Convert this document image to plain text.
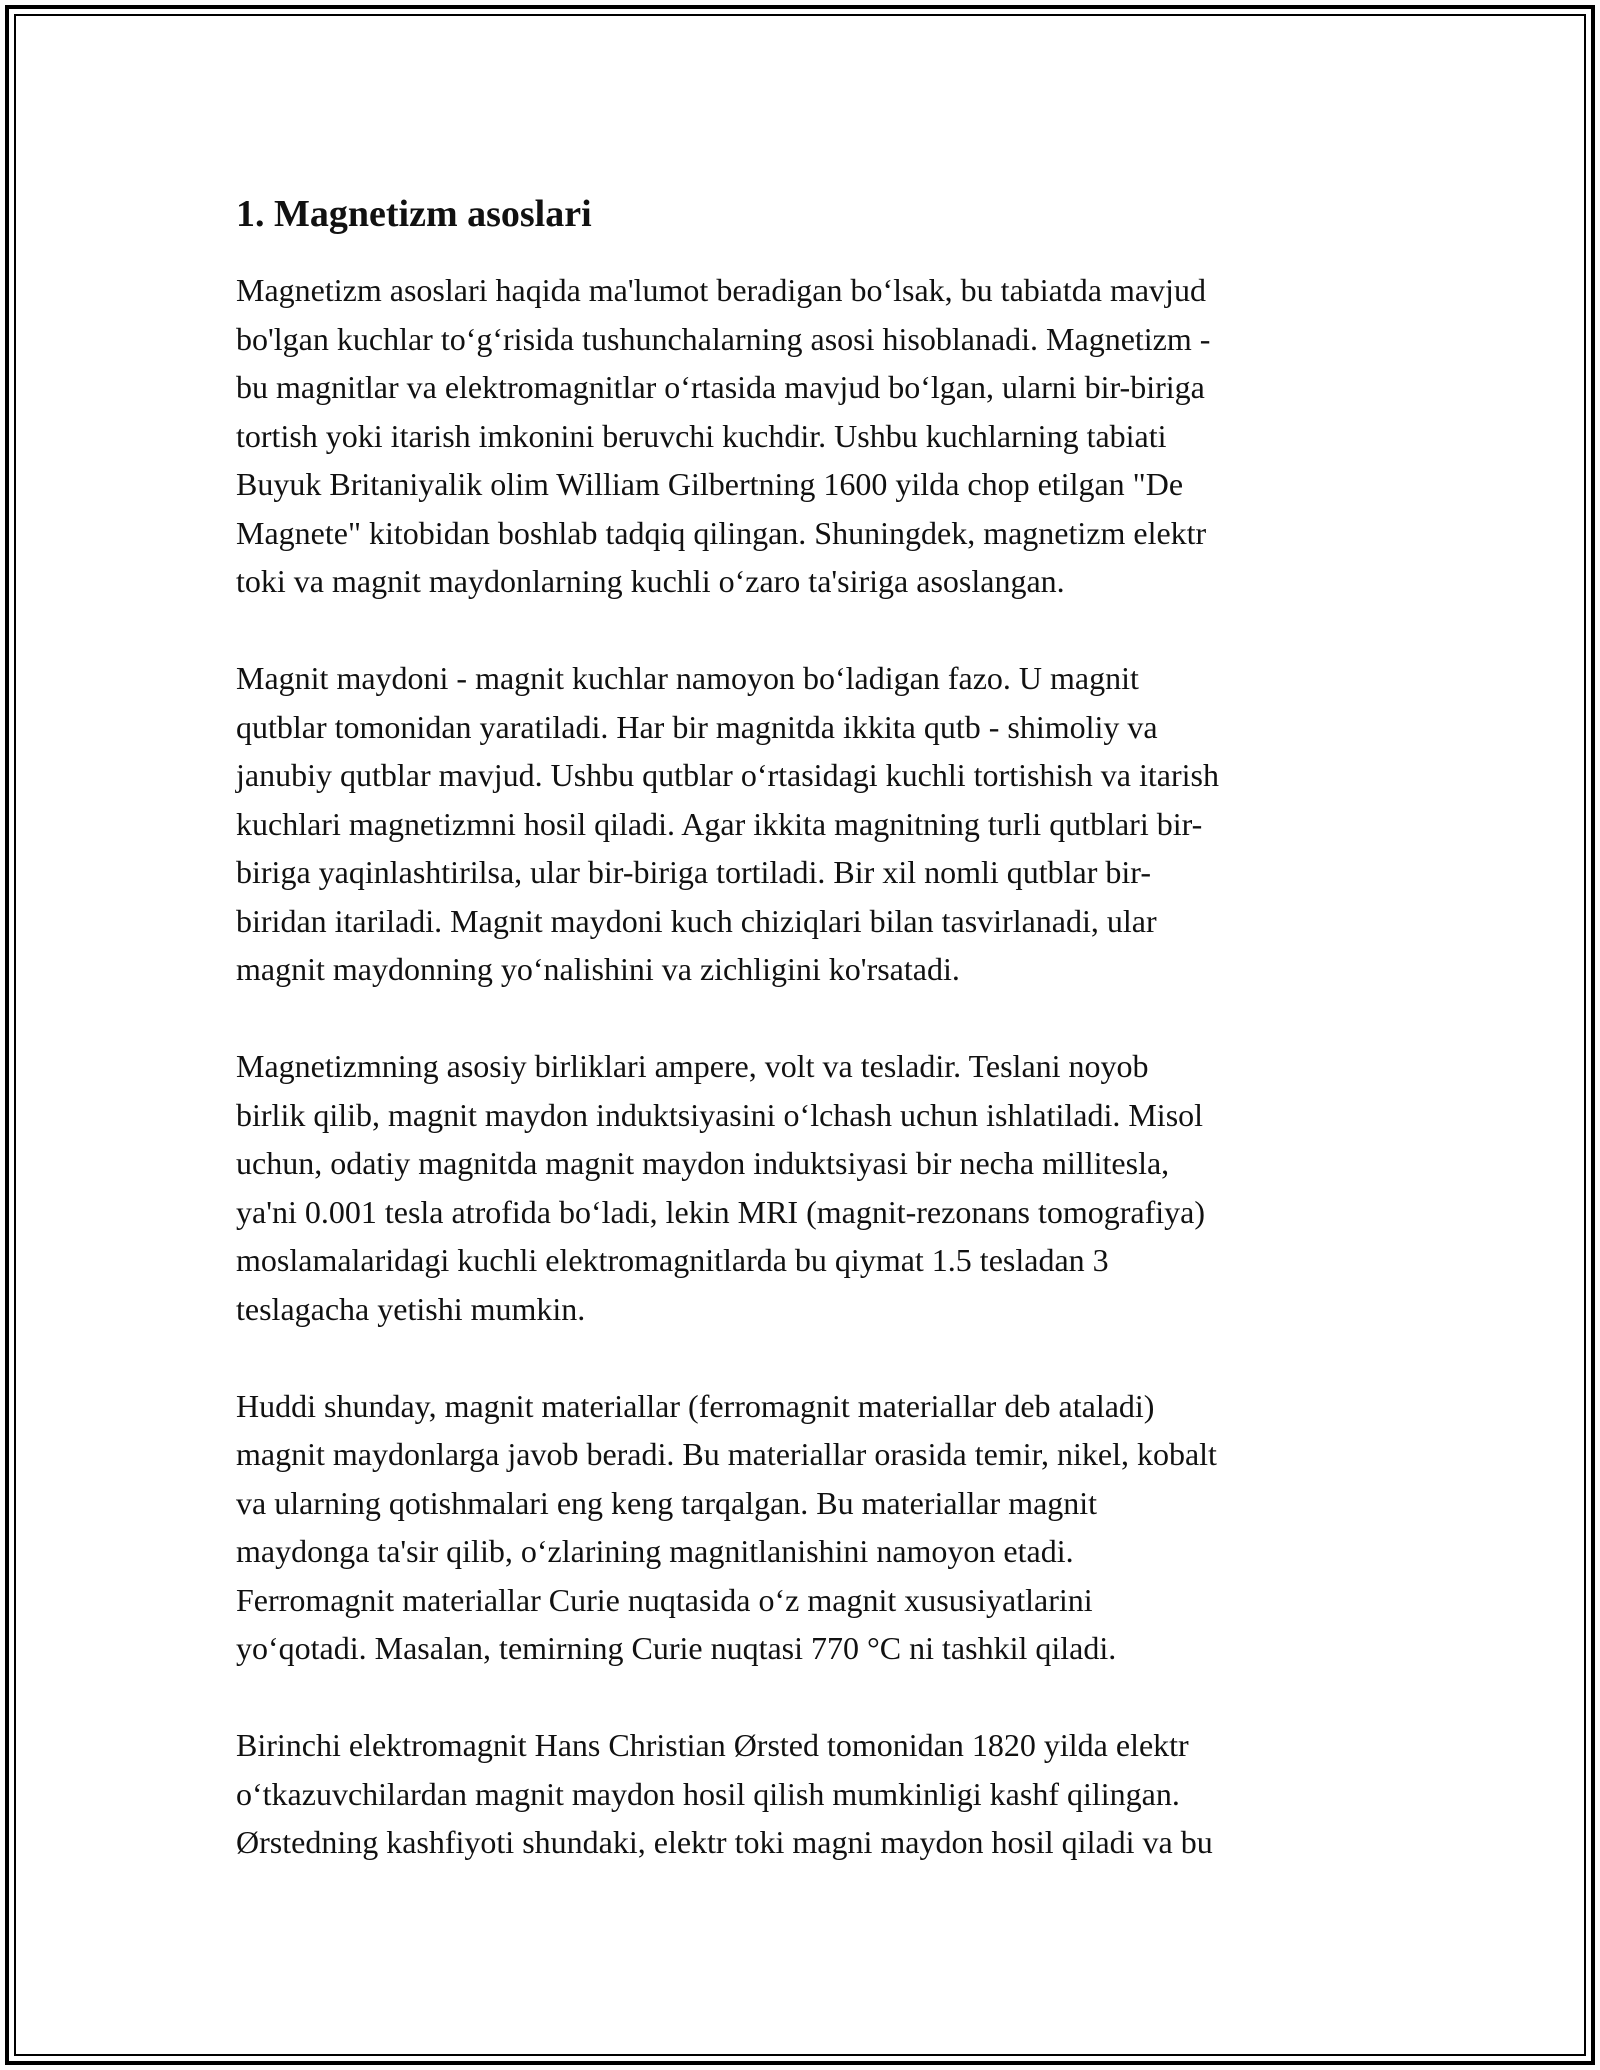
1. Magnetizm asoslari
Magnetizm asoslari haqida ma'lumot beradigan bo‘lsak, bu tabiatda mavjud
bo'lgan kuchlar to‘g‘risida tushunchalarning asosi hisoblanadi. Magnetizm -
bu magnitlar va elektromagnitlar o‘rtasida mavjud bo‘lgan, ularni bir-biriga
tortish yoki itarish imkonini beruvchi kuchdir. Ushbu kuchlarning tabiati
Buyuk Britaniyalik olim William Gilbertning 1600 yilda chop etilgan "De
Magnete" kitobidan boshlab tadqiq qilingan. Shuningdek, magnetizm elektr
toki va magnit maydonlarning kuchli o‘zaro ta'siriga asoslangan.
Magnit maydoni - magnit kuchlar namoyon bo‘ladigan fazo. U magnit
qutblar tomonidan yaratiladi. Har bir magnitda ikkita qutb - shimoliy va
janubiy qutblar mavjud. Ushbu qutblar o‘rtasidagi kuchli tortishish va itarish
kuchlari magnetizmni hosil qiladi. Agar ikkita magnitning turli qutblari bir-
biriga yaqinlashtirilsa, ular bir-biriga tortiladi. Bir xil nomli qutblar bir-
biridan itariladi. Magnit maydoni kuch chiziqlari bilan tasvirlanadi, ular
magnit maydonning yo‘nalishini va zichligini ko'rsatadi.
Magnetizmning asosiy birliklari ampere, volt va tesladir. Teslani noyob
birlik qilib, magnit maydon induktsiyasini o‘lchash uchun ishlatiladi. Misol
uchun, odatiy magnitda magnit maydon induktsiyasi bir necha millitesla,
ya'ni 0.001 tesla atrofida bo‘ladi, lekin MRI (magnit-rezonans tomografiya)
moslamalaridagi kuchli elektromagnitlarda bu qiymat 1.5 tesladan 3
teslagacha yetishi mumkin.
Huddi shunday, magnit materiallar (ferromagnit materiallar deb ataladi)
magnit maydonlarga javob beradi. Bu materiallar orasida temir, nikel, kobalt
va ularning qotishmalari eng keng tarqalgan. Bu materiallar magnit
maydonga ta'sir qilib, o‘zlarining magnitlanishini namoyon etadi.
Ferromagnit materiallar Curie nuqtasida o‘z magnit xususiyatlarini
yo‘qotadi. Masalan, temirning Curie nuqtasi 770 °C ni tashkil qiladi.
Birinchi elektromagnit Hans Christian Ørsted tomonidan 1820 yilda elektr
o‘tkazuvchilardan magnit maydon hosil qilish mumkinligi kashf qilingan.
Ørstedning kashfiyoti shundaki, elektr toki magni maydon hosil qiladi va bu
